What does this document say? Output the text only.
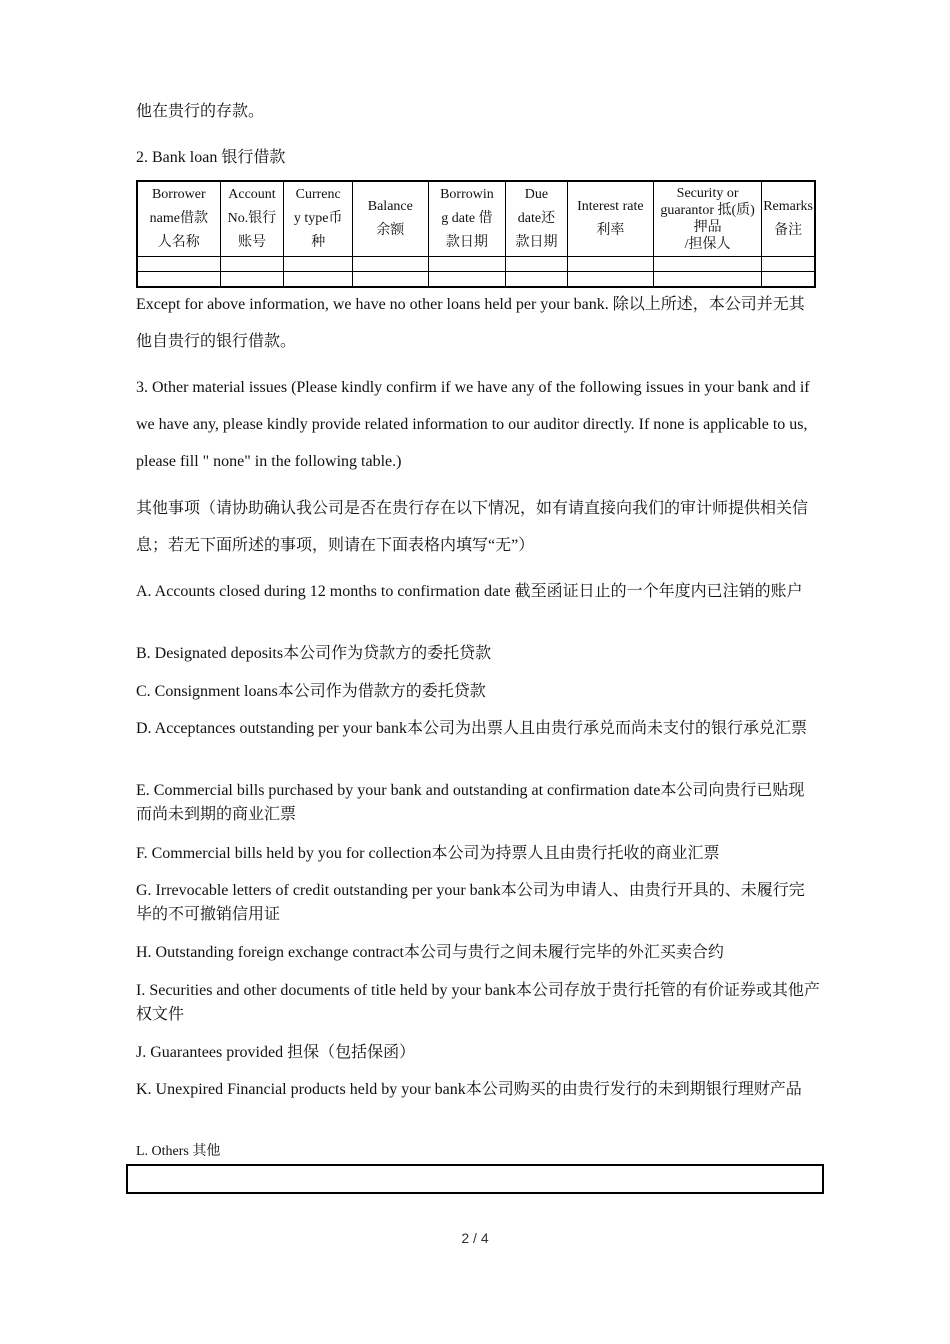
他在贵行的存款。

2. Bank loan 银行借款

Borrower
name借款
人名称	Account
No.银行
账号	Currenc
y type币
种	Balance
余额	Borrowin
g date 借
款日期	Due
date还
款日期	Interest rate
利率	Security or
guarantor 抵(质)
押品
/担保人	Remarks
备注

Except for above information, we have no other loans held per your bank. 除以上所述，本公司并无其他自贵行的银行借款。

3. Other material issues (Please kindly confirm if we have any of the following issues in your bank and if we have any, please kindly provide related information to our auditor directly. If none is applicable to us, please fill " none" in the following table.)

其他事项（请协助确认我公司是否在贵行存在以下情况，如有请直接向我们的审计师提供相关信息；若无下面所述的事项，则请在下面表格内填写“无”）

A. Accounts closed during 12 months to confirmation date 截至函证日止的一个年度内已注销的账户

B. Designated deposits本公司作为贷款方的委托贷款

C. Consignment loans本公司作为借款方的委托贷款

D. Acceptances outstanding per your bank本公司为出票人且由贵行承兑而尚未支付的银行承兑汇票

E. Commercial bills purchased by your bank and outstanding at confirmation date本公司向贵行已贴现而尚未到期的商业汇票

F. Commercial bills held by you for collection本公司为持票人且由贵行托收的商业汇票

G. Irrevocable letters of credit outstanding per your bank本公司为申请人、由贵行开具的、未履行完毕的不可撤销信用证

H. Outstanding foreign exchange contract本公司与贵行之间未履行完毕的外汇买卖合约

I. Securities and other documents of title held by your bank本公司存放于贵行托管的有价证券或其他产权文件

J. Guarantees provided 担保（包括保函）

K. Unexpired Financial products held by your bank本公司购买的由贵行发行的未到期银行理财产品

L. Others 其他

2 / 4
